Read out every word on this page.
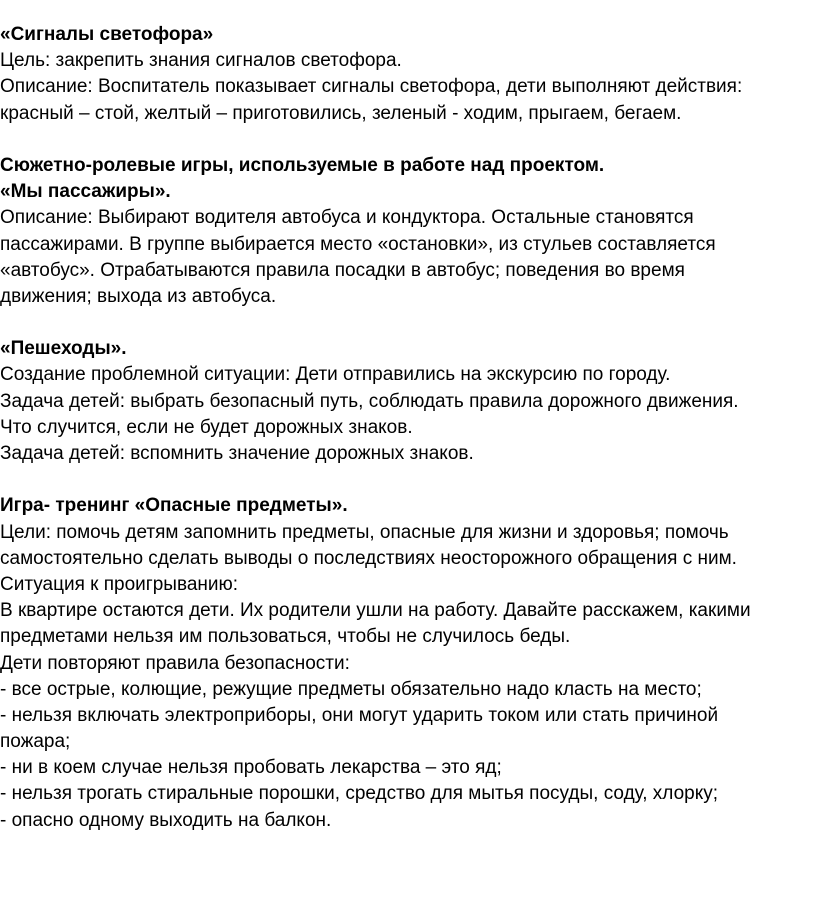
«Сигналы светофора»
Цель: закрепить знания сигналов светофора.
Описание: Воспитатель показывает сигналы светофора, дети выполняют действия:
красный – стой, желтый – приготовились, зеленый - ходим, прыгаем, бегаем.
Сюжетно-ролевые игры, используемые в работе над проектом.
«Мы пассажиры».
Описание: Выбирают водителя автобуса и кондуктора. Остальные становятся
пассажирами. В группе выбирается место «остановки», из стульев составляется
«автобус». Отрабатываются правила посадки в автобус; поведения во время
движения; выхода из автобуса.
«Пешеходы».
Создание проблемной ситуации: Дети отправились на экскурсию по городу.
Задача детей: выбрать безопасный путь, соблюдать правила дорожного движения.
Что случится, если не будет дорожных знаков.
Задача детей: вспомнить значение дорожных знаков.
Игра- тренинг «Опасные предметы».
Цели: помочь детям запомнить предметы, опасные для жизни и здоровья; помочь
самостоятельно сделать выводы о последствиях неосторожного обращения с ним.
Ситуация к проигрыванию:
В квартире остаются дети. Их родители ушли на работу. Давайте расскажем, какими
предметами нельзя им пользоваться, чтобы не случилось беды.
Дети повторяют правила безопасности:
- все острые, колющие, режущие предметы обязательно надо класть на место;
- нельзя включать электроприборы, они могут ударить током или стать причиной
пожара;
- ни в коем случае нельзя пробовать лекарства – это яд;
- нельзя трогать стиральные порошки, средство для мытья посуды, соду, хлорку;
- опасно одному выходить на балкон.
